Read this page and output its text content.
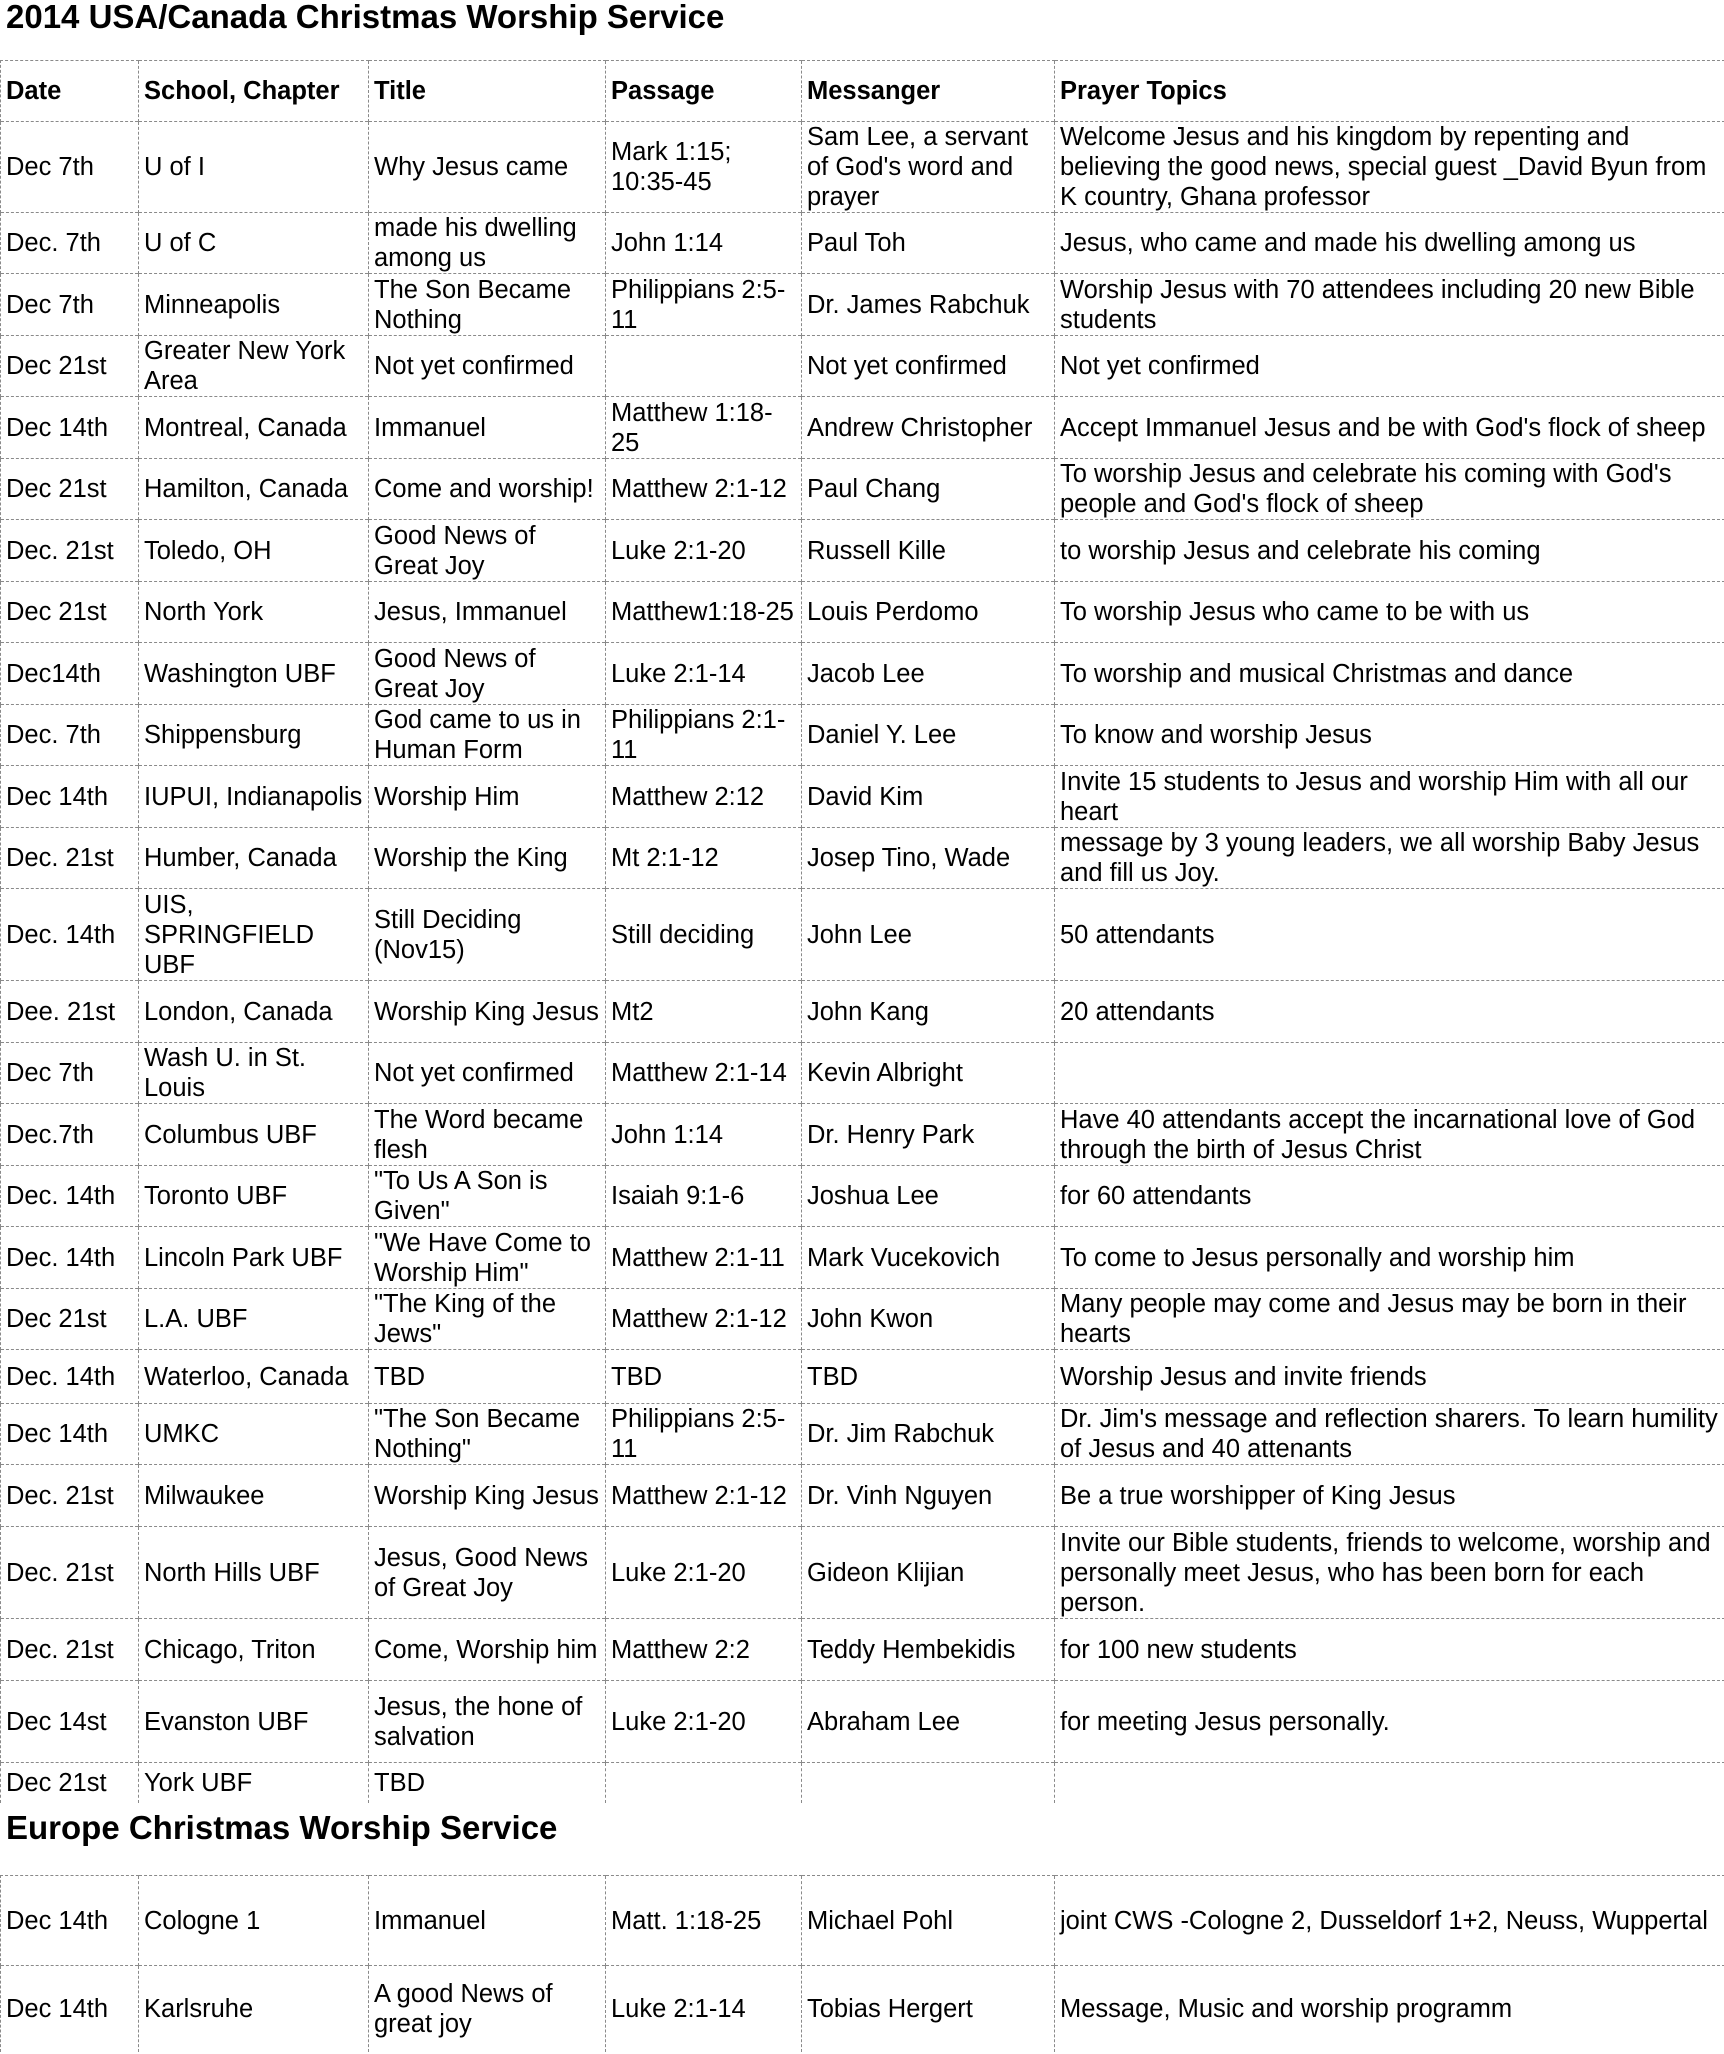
2014 USA/Canada Christmas Worship Service
Date	School, Chapter	Title	Passage	Messanger	Prayer Topics

Dec 7th	U of I	Why Jesus came	Mark 1:15; 10:35-45	Sam Lee, a servant of God's word and prayer	Welcome Jesus and his kingdom by repenting and believing the good news, special guest _David Byun from K country, Ghana professor
Dec. 7th	U of C	made his dwelling among us	John 1:14	Paul Toh	Jesus, who came and made his dwelling among us
Dec 7th	Minneapolis	The Son Became Nothing	Philippians 2:5-11	Dr. James Rabchuk	Worship Jesus with 70 attendees including 20 new Bible students
Dec 21st	Greater New York Area	Not yet confirmed		Not yet confirmed	Not yet confirmed
Dec 14th	Montreal, Canada	Immanuel	Matthew 1:18-25	Andrew Christopher	Accept Immanuel Jesus and be with God's flock of sheep
Dec 21st	Hamilton, Canada	Come and worship!	Matthew 2:1-12	Paul Chang	To worship Jesus and celebrate his coming with God's people and God's flock of sheep
Dec. 21st	Toledo, OH	Good News of Great Joy	Luke 2:1-20	Russell Kille	to worship Jesus and celebrate his coming
Dec 21st	North York	Jesus, Immanuel	Matthew1:18-25	Louis Perdomo	To worship Jesus who came to be with us
Dec14th	Washington UBF	Good News of Great Joy	Luke 2:1-14	Jacob Lee	To worship and musical Christmas and dance
Dec. 7th	Shippensburg	God came to us in Human Form	Philippians 2:1-11	Daniel Y. Lee	To know and worship Jesus
Dec 14th	IUPUI, Indianapolis	Worship Him	Matthew 2:12	David Kim	Invite 15 students to Jesus and worship Him with all our heart
Dec. 21st	Humber, Canada	Worship the King	Mt 2:1-12	Josep Tino, Wade	message by 3 young leaders, we all worship Baby Jesus and fill us Joy.
Dec. 14th	UIS, SPRINGFIELD UBF	Still Deciding (Nov15)	Still deciding	John Lee	50 attendants
Dee. 21st	London, Canada	Worship King Jesus	Mt2	John Kang	20 attendants
Dec 7th	Wash U. in St. Louis	Not yet confirmed	Matthew 2:1-14	Kevin Albright	
Dec.7th	Columbus UBF	The Word became flesh	John 1:14	Dr. Henry Park	Have 40 attendants accept the incarnational love of God through the birth of Jesus Christ
Dec. 14th	Toronto UBF	"To Us A Son is Given"	Isaiah 9:1-6	Joshua Lee	for 60 attendants
Dec. 14th	Lincoln Park UBF	"We Have Come to Worship Him"	Matthew 2:1-11	Mark Vucekovich	To come to Jesus personally and worship him
Dec 21st	L.A. UBF	"The King of the Jews"	Matthew 2:1-12	John Kwon	Many people may come and Jesus may be born in their hearts
Dec. 14th	Waterloo, Canada	TBD	TBD	TBD	Worship Jesus and invite friends
Dec 14th	UMKC	"The Son Became Nothing"	Philippians 2:5-11	Dr. Jim Rabchuk	Dr. Jim's message and reflection sharers. To learn humility of Jesus and 40 attenants
Dec. 21st	Milwaukee	Worship King Jesus	Matthew 2:1-12	Dr. Vinh Nguyen	Be a true worshipper of King Jesus
Dec. 21st	North Hills UBF	Jesus, Good News of Great Joy	Luke 2:1-20	Gideon Klijian	Invite our Bible students, friends to welcome, worship and personally meet Jesus, who has been born for each person.
Dec. 21st	Chicago, Triton	Come, Worship him	Matthew 2:2	Teddy Hembekidis	for 100 new students
Dec 14st	Evanston UBF	Jesus, the hone of salvation	Luke 2:1-20	Abraham Lee	for meeting Jesus personally.
Dec 21st	York UBF	TBD			
Europe Christmas Worship Service
Dec 14th	Cologne 1	Immanuel	Matt. 1:18-25	Michael Pohl	joint CWS -Cologne 2, Dusseldorf 1+2, Neuss, Wuppertal
Dec 14th	Karlsruhe	A good News of great joy	Luke 2:1-14	Tobias Hergert	Message, Music and worship programm
